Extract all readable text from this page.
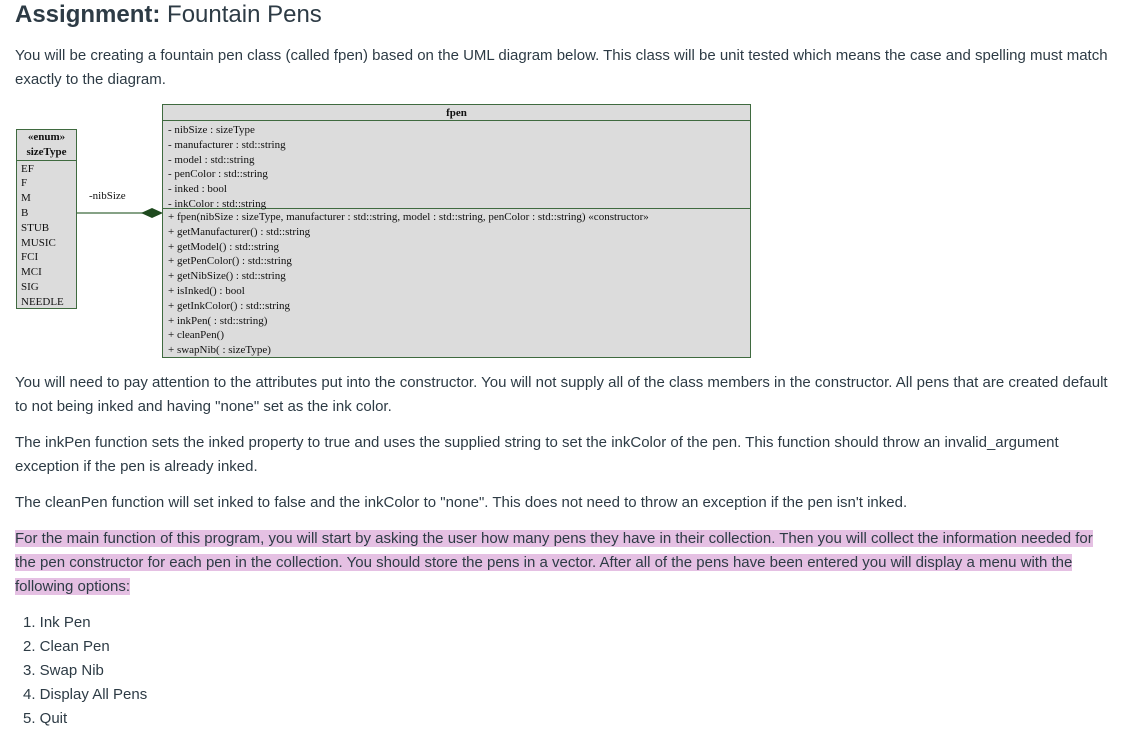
Assignment: Fountain Pens

You will be creating a fountain pen class (called fpen) based on the UML diagram below. This class will be unit tested which means the case and spelling must match exactly to the diagram.

«enum»
sizeType
EF
F
M
B
STUB
MUSIC
FCI
MCI
SIG
NEEDLE
-nibSize
fpen
- nibSize : sizeType
- manufacturer : std::string
- model : std::string
- penColor : std::string
- inked : bool
- inkColor : std::string
+ fpen(nibSize : sizeType, manufacturer : std::string, model : std::string, penColor : std::string) «constructor»
+ getManufacturer() : std::string
+ getModel() : std::string
+ getPenColor() : std::string
+ getNibSize() : std::string
+ isInked() : bool
+ getInkColor() : std::string
+ inkPen( : std::string)
+ cleanPen()
+ swapNib( : sizeType)

You will need to pay attention to the attributes put into the constructor. You will not supply all of the class members in the constructor. All pens that are created default to not being inked and having "none" set as the ink color.

The inkPen function sets the inked property to true and uses the supplied string to set the inkColor of the pen. This function should throw an invalid_argument exception if the pen is already inked.

The cleanPen function will set inked to false and the inkColor to "none". This does not need to throw an exception if the pen isn't inked.

For the main function of this program, you will start by asking the user how many pens they have in their collection. Then you will collect the information needed for the pen constructor for each pen in the collection. You should store the pens in a vector. After all of the pens have been entered you will display a menu with the following options:

1. Ink Pen
2. Clean Pen
3. Swap Nib
4. Display All Pens
5. Quit
